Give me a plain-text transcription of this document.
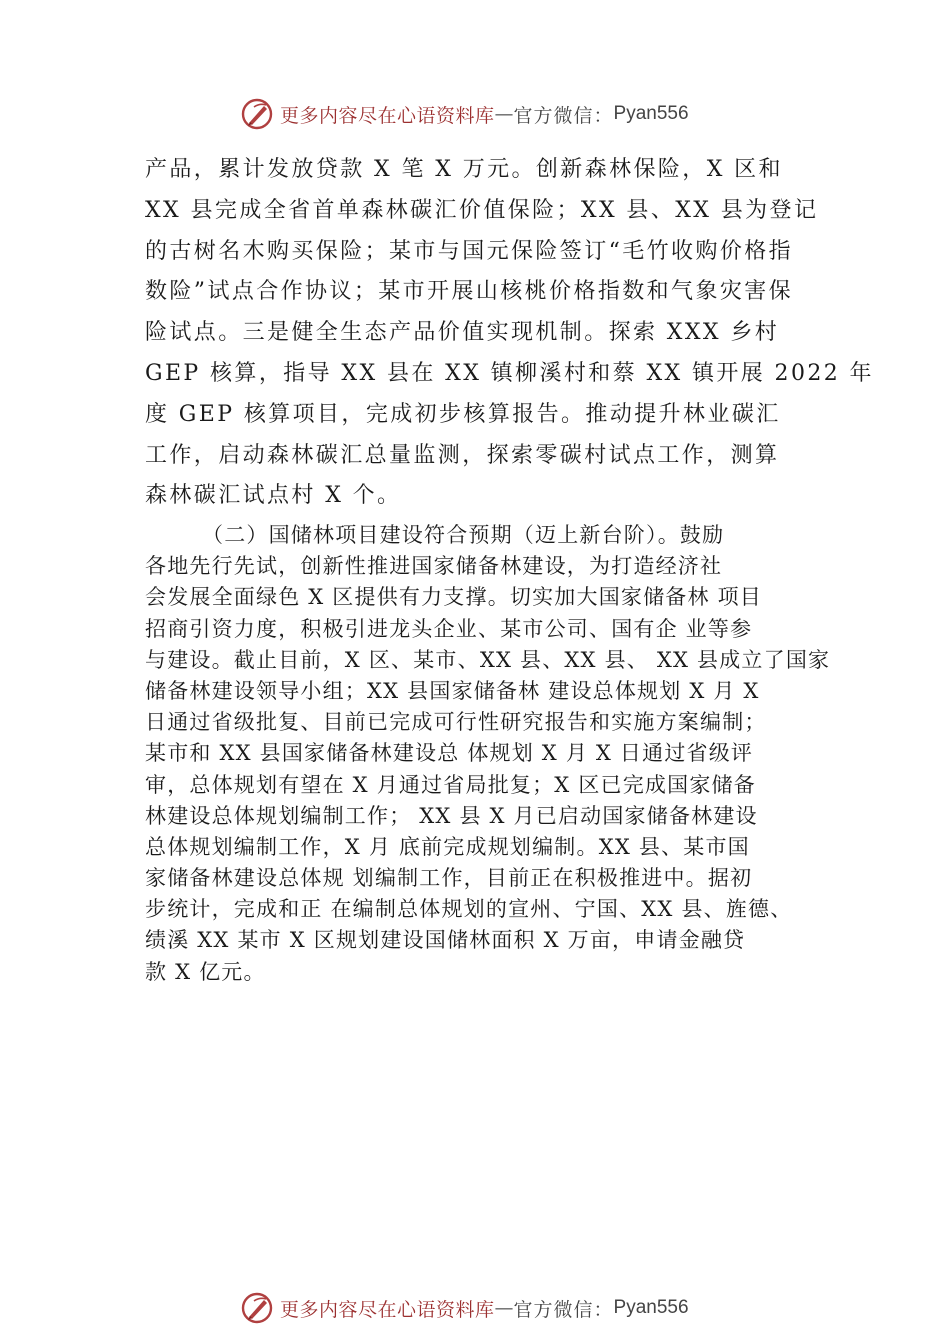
更多内容尽在心语资料库 — 官方微信： Pyan556
产品，累计发放贷款 X 笔 X 万元。创新森林保险，X 区和
XX 县完成全省首单森林碳汇价值保险；XX 县、XX 县为登记
的古树名木购买保险；某市与国元保险签订“毛竹收购价格指
数险”试点合作协议；某市开展山核桃价格指数和气象灾害保
险试点。三是健全生态产品价值实现机制。探索 XXX 乡村
GEP 核算，指导 XX 县在 XX 镇柳溪村和蔡 XX 镇开展 2022 年
度 GEP 核算项目，完成初步核算报告。推动提升林业碳汇
工作，启动森林碳汇总量监测，探索零碳村试点工作，测算
森林碳汇试点村 X 个。
（二）国储林项目建设符合预期（迈上新台阶）。鼓励
各地先行先试，创新性推进国家储备林建设，为打造经济社
会发展全面绿色 X 区提供有力支撑。切实加大国家储备林 项目
招商引资力度，积极引进龙头企业、某市公司、国有企 业等参
与建设。截止目前，X 区、某市、XX 县、XX 县、 XX 县成立了国家
储备林建设领导小组；XX 县国家储备林 建设总体规划 X 月 X
日通过省级批复、目前已完成可行性研究报告和实施方案编制；
某市和 XX 县国家储备林建设总 体规划 X 月 X 日通过省级评
审，总体规划有望在 X 月通过省局批复；X 区已完成国家储备
林建设总体规划编制工作； XX 县 X 月已启动国家储备林建设
总体规划编制工作，X 月 底前完成规划编制。XX 县、某市国
家储备林建设总体规 划编制工作，目前正在积极推进中。据初
步统计，完成和正 在编制总体规划的宣州、宁国、XX 县、旌德、
绩溪 XX 某市 X 区规划建设国储林面积 X 万亩，申请金融贷
款 X 亿元。
更多内容尽在心语资料库 — 官方微信： Pyan556
